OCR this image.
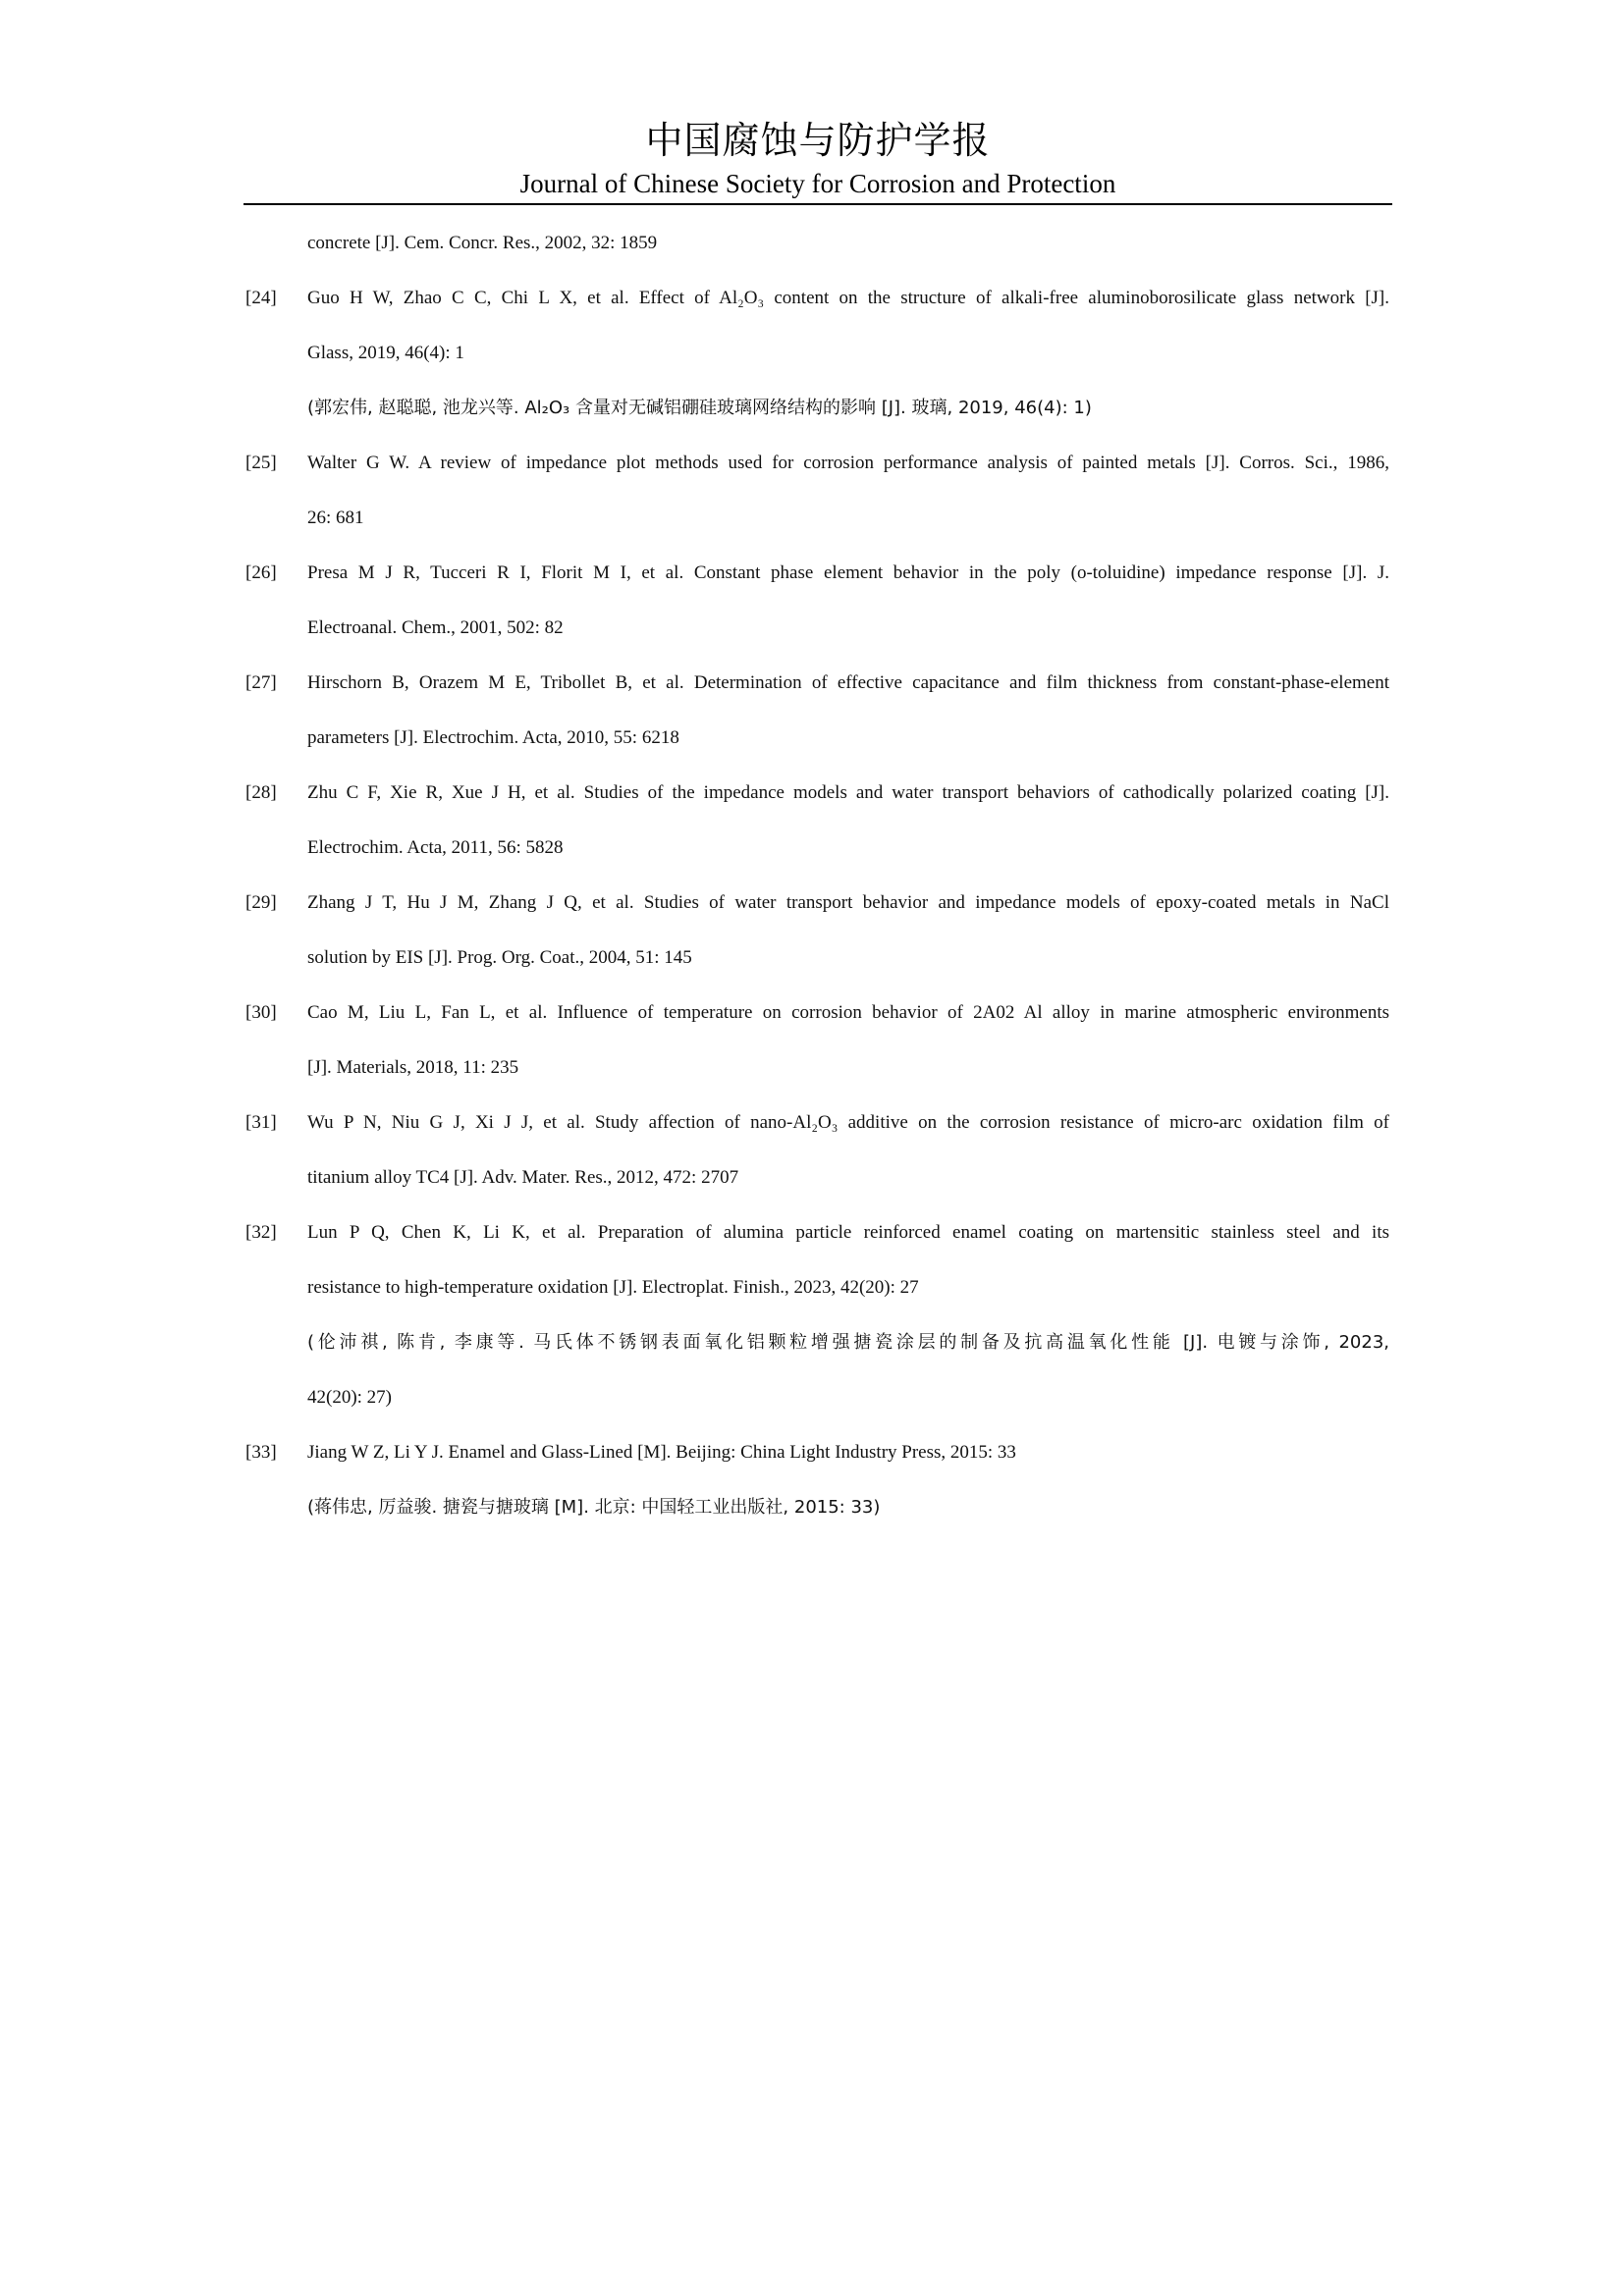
中国腐蚀与防护学报
Journal of Chinese Society for Corrosion and Protection
concrete [J]. Cem. Concr. Res., 2002, 32: 1859
[24]	Guo H W, Zhao C C, Chi L X, et al. Effect of Al₂O₃ content on the structure of alkali-free aluminoborosilicate glass network [J].
Glass, 2019, 46(4): 1
(郭宏伟, 赵聪聪, 池龙兴等. Al₂O₃ 含量对无碱铝硼硅玻璃网络结构的影响 [J]. 玻璃, 2019, 46(4): 1)
[25]	Walter G W. A review of impedance plot methods used for corrosion performance analysis of painted metals [J]. Corros. Sci., 1986,
26: 681
[26]	Presa M J R, Tucceri R I, Florit M I, et al. Constant phase element behavior in the poly (o-toluidine) impedance response [J]. J.
Electroanal. Chem., 2001, 502: 82
[27]	Hirschorn B, Orazem M E, Tribollet B, et al. Determination of effective capacitance and film thickness from constant-phase-element
parameters [J]. Electrochim. Acta, 2010, 55: 6218
[28]	Zhu C F, Xie R, Xue J H, et al. Studies of the impedance models and water transport behaviors of cathodically polarized coating [J].
Electrochim. Acta, 2011, 56: 5828
[29]	Zhang J T, Hu J M, Zhang J Q, et al. Studies of water transport behavior and impedance models of epoxy-coated metals in NaCl
solution by EIS [J]. Prog. Org. Coat., 2004, 51: 145
[30]	Cao M, Liu L, Fan L, et al. Influence of temperature on corrosion behavior of 2A02 Al alloy in marine atmospheric environments
[J]. Materials, 2018, 11: 235
[31]	Wu P N, Niu G J, Xi J J, et al. Study affection of nano-Al₂O₃ additive on the corrosion resistance of micro-arc oxidation film of
titanium alloy TC4 [J]. Adv. Mater. Res., 2012, 472: 2707
[32]	Lun P Q, Chen K, Li K, et al. Preparation of alumina particle reinforced enamel coating on martensitic stainless steel and its
resistance to high-temperature oxidation [J]. Electroplat. Finish., 2023, 42(20): 27
(伦沛祺, 陈肯, 李康等. 马氏体不锈钢表面氧化铝颗粒增强搪瓷涂层的制备及抗高温氧化性能 [J]. 电镀与涂饰, 2023,
42(20): 27)
[33]	Jiang W Z, Li Y J. Enamel and Glass-Lined [M]. Beijing: China Light Industry Press, 2015: 33
(蒋伟忠, 厉益骏. 搪瓷与搪玻璃 [M]. 北京: 中国轻工业出版社, 2015: 33)
